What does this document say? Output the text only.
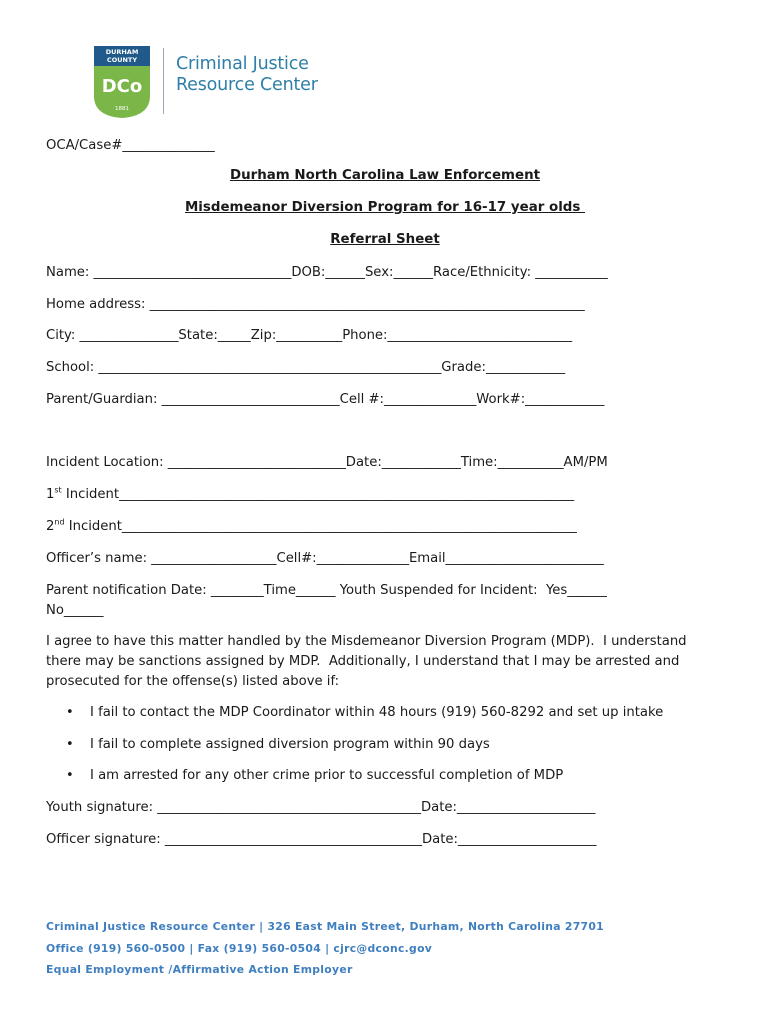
DURHAM
COUNTY
DCo
1881
Criminal Justice
Resource Center
OCA/Case#______________
Durham North Carolina Law Enforcement
Misdemeanor Diversion Program for 16-17 year olds
Referral Sheet
Name: ______________________________DOB:______Sex:______Race/Ethnicity: ___________
Home address: __________________________________________________________________
City: _______________State:_____Zip:__________Phone:____________________________
School: ____________________________________________________Grade:____________
Parent/Guardian: ___________________________Cell #:______________Work#:____________
Incident Location: ___________________________Date:____________Time:__________AM/PM
1st Incident_____________________________________________________________________
2nd Incident_____________________________________________________________________
Officer’s name: ___________________Cell#:______________Email________________________
Parent notification Date: ________Time______ Youth Suspended for Incident:  Yes______
No______
I agree to have this matter handled by the Misdemeanor Diversion Program (MDP).  I understand
there may be sanctions assigned by MDP.  Additionally, I understand that I may be arrested and
prosecuted for the offense(s) listed above if:
• I fail to contact the MDP Coordinator within 48 hours (919) 560-8292 and set up intake
• I fail to complete assigned diversion program within 90 days
• I am arrested for any other crime prior to successful completion of MDP
Youth signature: ________________________________________Date:_____________________
Officer signature: _______________________________________Date:_____________________
Criminal Justice Resource Center | 326 East Main Street, Durham, North Carolina 27701
Office (919) 560-0500 | Fax (919) 560-0504 | cjrc@dconc.gov
Equal Employment /Affirmative Action Employer
